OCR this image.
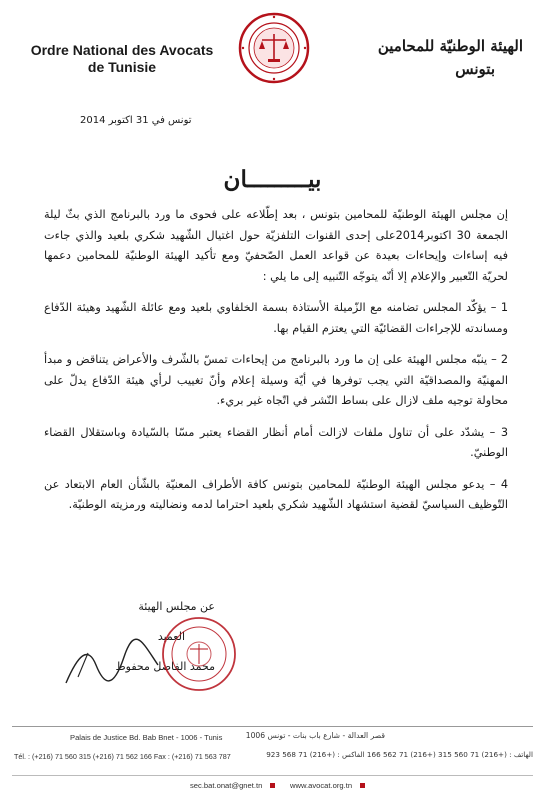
Ordre National des Avocats
de Tunisie
الهيئة الوطنيّة للمحامين
بتونس
تونس في 31 اكتوبر 2014
بيـــــــــان

إن مجلس الهيئة الوطنيّة للمحامين بتونس ، بعد إطّلاعه على فحوى ما ورد بالبرنامج الذي بثّ ليلة الجمعة 30 اكتوبر2014على إحدى القنوات التلفزيّة حول اغتيال الشّهيد شكري بلعيد والذي جاءت فيه إساءات وإيحاءات بعيدة عن قواعد العمل الصّحفيّ ومع تأكيد الهيئة الوطنيّة للمحامين دعمها لحريّة التّعبير والإعلام إلا أنّه يتوجّه التّنبيه إلى ما يلي :

1 – يؤكّد المجلس تضامنه مع الزّميلة الأستاذة بسمة الخلفاوي بلعيد ومع عائلة الشّهيد وهيئة الدّفاع ومساندته للإجراءات القضائيّة التي يعتزم القيام بها.

2 – ينبّه مجلس الهيئة على إن ما ورد بالبرنامج من إيحاءات تمسّ بالشّرف والأعراض يتناقض و مبدأ المهنيّة والمصداقيّة التي يجب توفرها في أيّة وسيلة إعلام وأنّ تغييب لرأي هيئة الدّفاع يدلّ على محاولة توجيه ملف لازال على بساط النّشر في اتّجاه غير بريء.

3 – يشدّد على أن تناول ملفات لازالت أمام أنظار القضاء يعتبر مسّا بالسّيادة وباستقلال القضاء الوطنيّ.

4 – يدعو مجلس الهيئة الوطنيّة للمحامين بتونس كافة الأطراف المعنيّة بالشّأن العام الابتعاد عن التّوظيف السياسيّ لقضية استشهاد الشّهيد شكري بلعيد احتراما لدمه ونضاليته ورمزيته الوطنيّة.

عن مجلس الهيئة
العميد
محمد الفاضل محفوظ
Palais de Justice Bd. Bab Bnet - 1006 - Tunis	قصر العدالة - شارع باب بنات - تونس 1006
Tél. : (+216) 71 560 315 (+216) 71 562 166 Fax : (+216) 71 563 787	الهاتف : (+216) 71 560 315 (+216) 71 562 166 الفاكس : (+216) 71 568 923
sec.bat.onat@gnet.tn	www.avocat.org.tn
